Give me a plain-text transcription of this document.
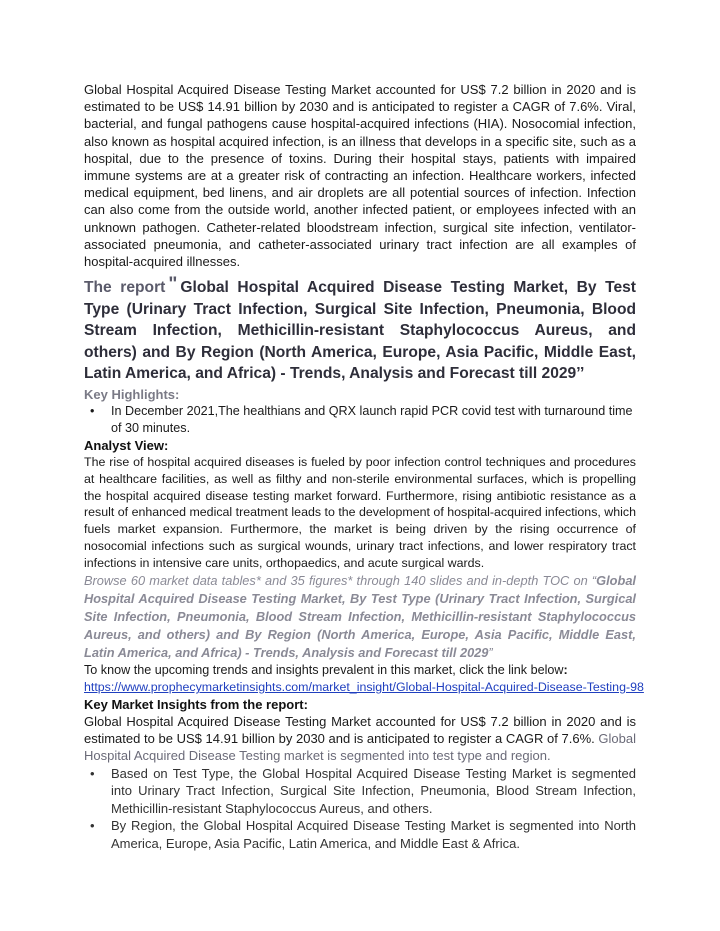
Global Hospital Acquired Disease Testing Market accounted for US$ 7.2 billion in 2020 and is estimated to be US$ 14.91 billion by 2030 and is anticipated to register a CAGR of 7.6%. Viral, bacterial, and fungal pathogens cause hospital-acquired infections (HIA). Nosocomial infection, also known as hospital acquired infection, is an illness that develops in a specific site, such as a hospital, due to the presence of toxins. During their hospital stays, patients with impaired immune systems are at a greater risk of contracting an infection. Healthcare workers, infected medical equipment, bed linens, and air droplets are all potential sources of infection. Infection can also come from the outside world, another infected patient, or employees infected with an unknown pathogen. Catheter-related bloodstream infection, surgical site infection, ventilator-associated pneumonia, and catheter-associated urinary tract infection are all examples of hospital-acquired illnesses.

The report " Global Hospital Acquired Disease Testing Market, By Test Type (Urinary Tract Infection, Surgical Site Infection, Pneumonia, Blood Stream Infection, Methicillin-resistant Staphylococcus Aureus, and others) and By Region (North America, Europe, Asia Pacific, Middle East, Latin America, and Africa) - Trends, Analysis and Forecast till 2029’’

Key Highlights:

• In December 2021,The healthians and QRX launch rapid PCR covid test with turnaround time of 30 minutes.

Analyst View:

The rise of hospital acquired diseases is fueled by poor infection control techniques and procedures at healthcare facilities, as well as filthy and non-sterile environmental surfaces, which is propelling the hospital acquired disease testing market forward. Furthermore, rising antibiotic resistance as a result of enhanced medical treatment leads to the development of hospital-acquired infections, which fuels market expansion. Furthermore, the market is being driven by the rising occurrence of nosocomial infections such as surgical wounds, urinary tract infections, and lower respiratory tract infections in intensive care units, orthopaedics, and acute surgical wards.

Browse 60 market data tables* and 35 figures* through 140 slides and in-depth TOC on “Global Hospital Acquired Disease Testing Market, By Test Type (Urinary Tract Infection, Surgical Site Infection, Pneumonia, Blood Stream Infection, Methicillin-resistant Staphylococcus Aureus, and others) and By Region (North America, Europe, Asia Pacific, Middle East, Latin America, and Africa) - Trends, Analysis and Forecast till 2029”

To know the upcoming trends and insights prevalent in this market, click the link below:

https://www.prophecymarketinsights.com/market_insight/Global-Hospital-Acquired-Disease-Testing-98

Key Market Insights from the report:

Global Hospital Acquired Disease Testing Market accounted for US$ 7.2 billion in 2020 and is estimated to be US$ 14.91 billion by 2030 and is anticipated to register a CAGR of 7.6%. Global Hospital Acquired Disease Testing market is segmented into test type and region.

• Based on Test Type, the Global Hospital Acquired Disease Testing Market is segmented into Urinary Tract Infection, Surgical Site Infection, Pneumonia, Blood Stream Infection, Methicillin-resistant Staphylococcus Aureus, and others.
• By Region, the Global Hospital Acquired Disease Testing Market is segmented into North America, Europe, Asia Pacific, Latin America, and Middle East & Africa.
